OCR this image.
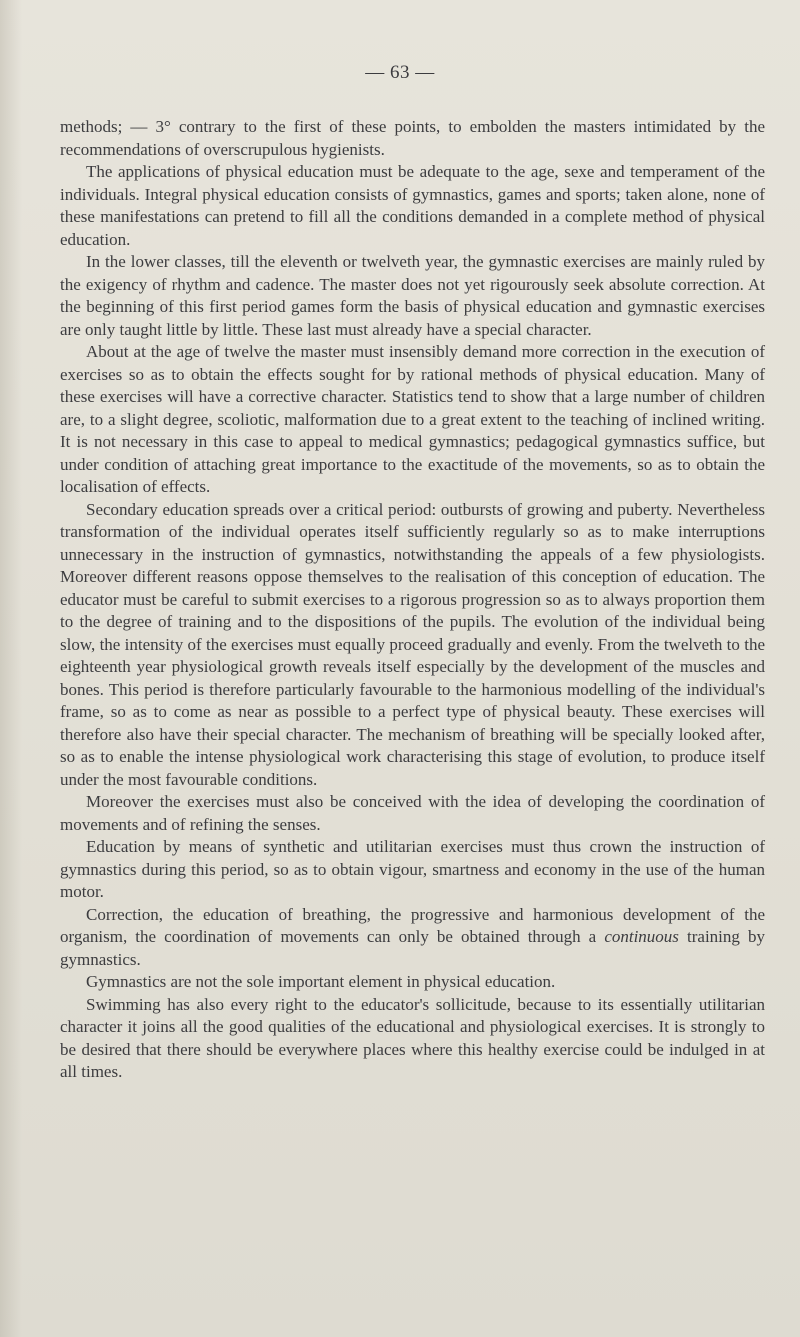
— 63 —

methods; — 3° contrary to the first of these points, to embolden the masters intimidated by the recommendations of overscrupulous hygienists.

The applications of physical education must be adequate to the age, sexe and temperament of the individuals. Integral physical education consists of gymnastics, games and sports; taken alone, none of these manifestations can pretend to fill all the conditions demanded in a complete method of physical education.

In the lower classes, till the eleventh or twelveth year, the gymnastic exercises are mainly ruled by the exigency of rhythm and cadence. The master does not yet rigourously seek absolute correction. At the beginning of this first period games form the basis of physical education and gymnastic exercises are only taught little by little. These last must already have a special character.

About at the age of twelve the master must insensibly demand more correction in the execution of exercises so as to obtain the effects sought for by rational methods of physical education. Many of these exercises will have a corrective character. Statistics tend to show that a large number of children are, to a slight degree, scoliotic, malformation due to a great extent to the teaching of inclined writing. It is not necessary in this case to appeal to medical gymnastics; pedagogical gymnastics suffice, but under condition of attaching great importance to the exactitude of the movements, so as to obtain the localisation of effects.

Secondary education spreads over a critical period: outbursts of growing and puberty. Nevertheless transformation of the individual operates itself sufficiently regularly so as to make interruptions unnecessary in the instruction of gymnastics, notwithstanding the appeals of a few physiologists. Moreover different reasons oppose themselves to the realisation of this conception of education. The educator must be careful to submit exercises to a rigorous progression so as to always proportion them to the degree of training and to the dispositions of the pupils. The evolution of the individual being slow, the intensity of the exercises must equally proceed gradually and evenly. From the twelveth to the eighteenth year physiological growth reveals itself especially by the development of the muscles and bones. This period is therefore particularly favourable to the harmonious modelling of the individual's frame, so as to come as near as possible to a perfect type of physical beauty. These exercises will therefore also have their special character. The mechanism of breathing will be specially looked after, so as to enable the intense physiological work characterising this stage of evolution, to produce itself under the most favourable conditions.

Moreover the exercises must also be conceived with the idea of developing the coordination of movements and of refining the senses.

Education by means of synthetic and utilitarian exercises must thus crown the instruction of gymnastics during this period, so as to obtain vigour, smartness and economy in the use of the human motor.

Correction, the education of breathing, the progressive and harmonious development of the organism, the coordination of movements can only be obtained through a continuous training by gymnastics.

Gymnastics are not the sole important element in physical education.

Swimming has also every right to the educator's sollicitude, because to its essentially utilitarian character it joins all the good qualities of the educational and physiological exercises. It is strongly to be desired that there should be everywhere places where this healthy exercise could be indulged in at all times.
